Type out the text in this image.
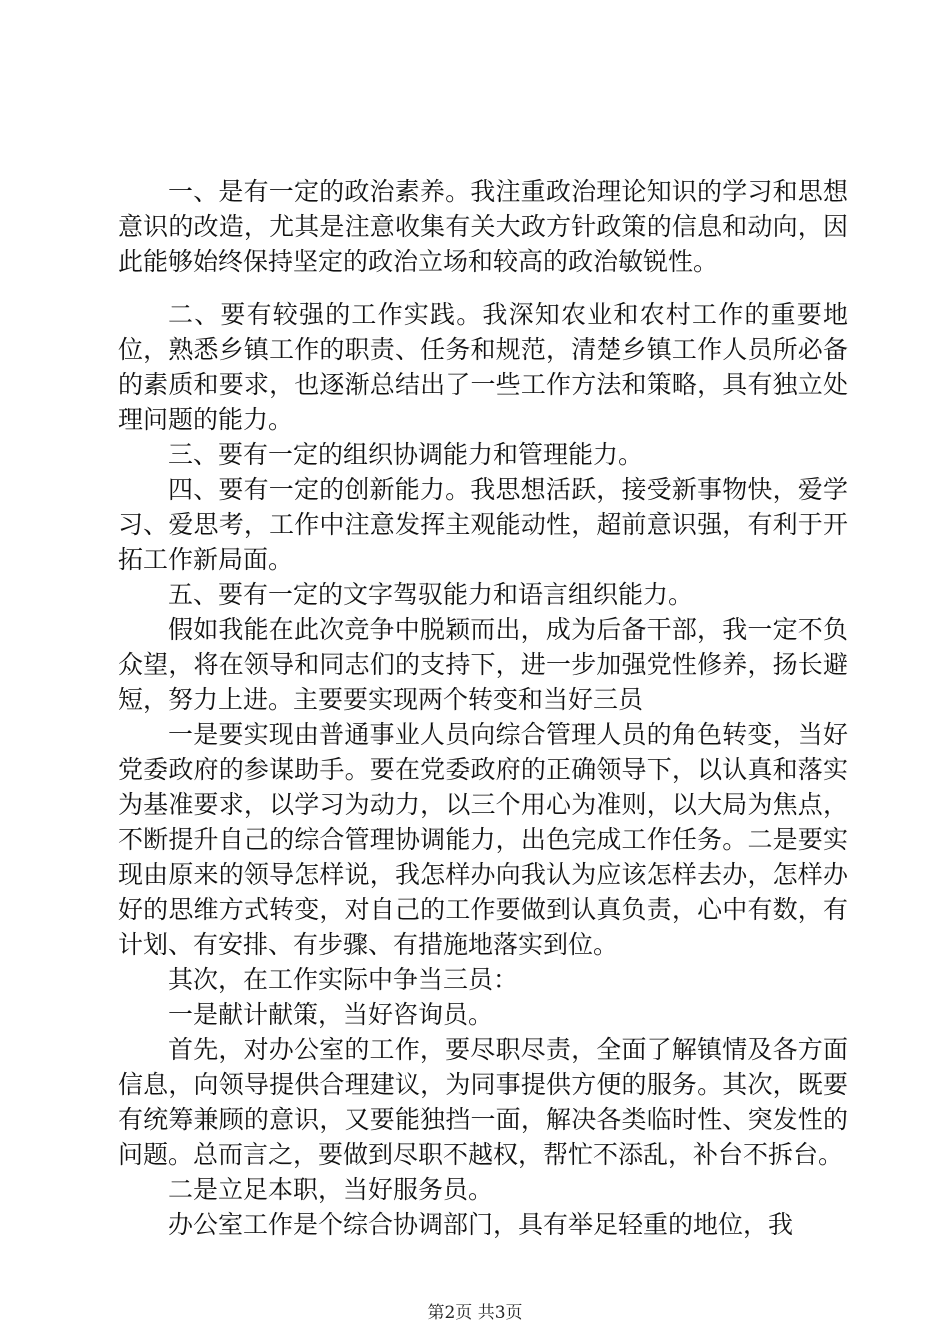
一、是有一定的政治素养。我注重政治理论知识的学习和思想意识的改造，尤其是注意收集有关大政方针政策的信息和动向，因此能够始终保持坚定的政治立场和较高的政治敏锐性。

二、要有较强的工作实践。我深知农业和农村工作的重要地位，熟悉乡镇工作的职责、任务和规范，清楚乡镇工作人员所必备的素质和要求，也逐渐总结出了一些工作方法和策略，具有独立处理问题的能力。

三、要有一定的组织协调能力和管理能力。

四、要有一定的创新能力。我思想活跃，接受新事物快，爱学习、爱思考，工作中注意发挥主观能动性，超前意识强，有利于开拓工作新局面。

五、要有一定的文字驾驭能力和语言组织能力。

假如我能在此次竞争中脱颖而出，成为后备干部，我一定不负众望，将在领导和同志们的支持下，进一步加强党性修养，扬长避短，努力上进。主要要实现两个转变和当好三员

一是要实现由普通事业人员向综合管理人员的角色转变，当好党委政府的参谋助手。要在党委政府的正确领导下，以认真和落实为基准要求，以学习为动力，以三个用心为准则，以大局为焦点，不断提升自己的综合管理协调能力，出色完成工作任务。二是要实现由原来的领导怎样说，我怎样办向我认为应该怎样去办，怎样办好的思维方式转变，对自己的工作要做到认真负责，心中有数，有计划、有安排、有步骤、有措施地落实到位。

其次，在工作实际中争当三员：

一是献计献策，当好咨询员。

首先，对办公室的工作，要尽职尽责，全面了解镇情及各方面信息，向领导提供合理建议，为同事提供方便的服务。其次，既要有统筹兼顾的意识，又要能独挡一面，解决各类临时性、突发性的问题。总而言之，要做到尽职不越权，帮忙不添乱，补台不拆台。

二是立足本职，当好服务员。

办公室工作是个综合协调部门，具有举足轻重的地位，我

第2页 共3页
